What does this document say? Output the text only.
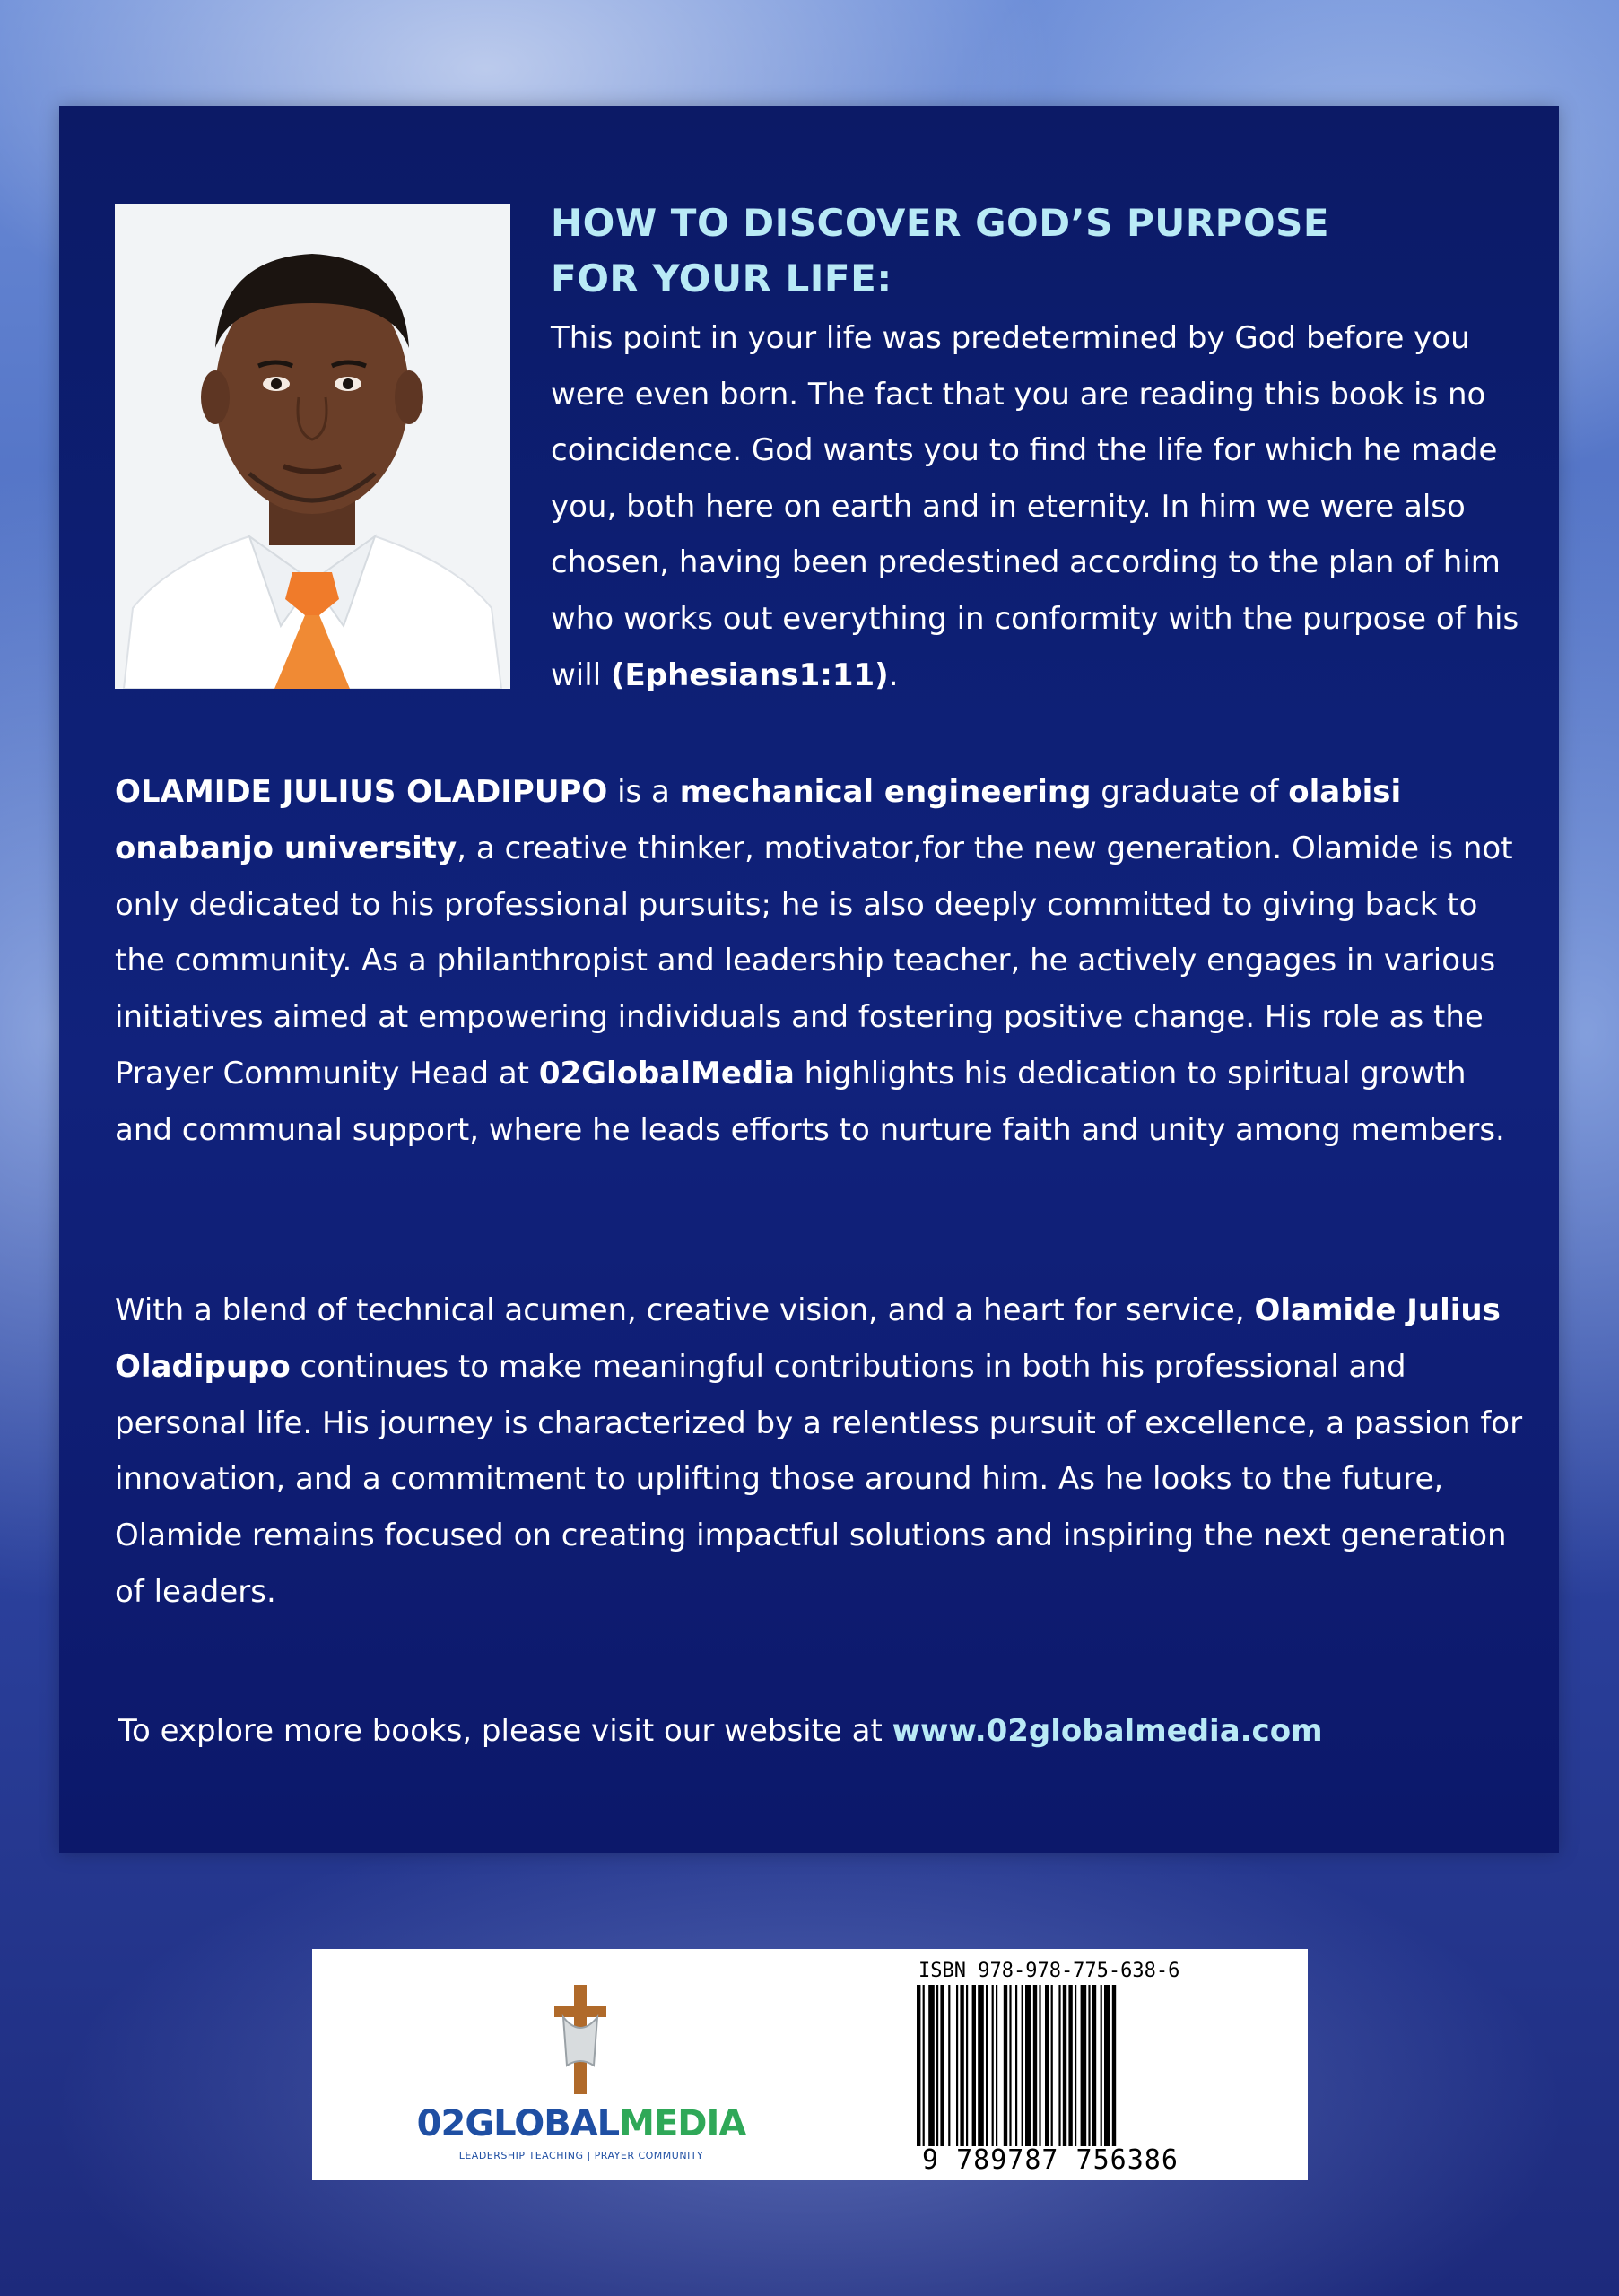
HOW TO DISCOVER GOD’S PURPOSE
FOR YOUR LIFE:

This point in your life was predetermined by God before you were even born. The fact that you are reading this book is no coincidence. God wants you to find the life for which he made you, both here on earth and in eternity. In him we were also chosen, having been predestined according to the plan of him who works out everything in conformity with the purpose of his will (Ephesians1:11).

OLAMIDE JULIUS OLADIPUPO is a mechanical engineering graduate of olabisi onabanjo university, a creative thinker, motivator,for the new generation. Olamide is not only dedicated to his professional pursuits; he is also deeply committed to giving back to the community. As a philanthropist and leadership teacher, he actively engages in various initiatives aimed at empowering individuals and fostering positive change. His role as the Prayer Community Head at 02GlobalMedia highlights his dedication to spiritual growth and communal support, where he leads efforts to nurture faith and unity among members.

With a blend of technical acumen, creative vision, and a heart for service, Olamide Julius Oladipupo continues to make meaningful contributions in both his professional and personal life. His journey is characterized by a relentless pursuit of excellence, a passion for innovation, and a commitment to uplifting those around him. As he looks to the future, Olamide remains focused on creating impactful solutions and inspiring the next generation of leaders.

To explore more books, please visit our website at www.02globalmedia.com

02GLOBALMEDIA
LEADERSHIP TEACHING | PRAYER COMMUNITY
ISBN 978-978-775-638-6
9 789787 756386
